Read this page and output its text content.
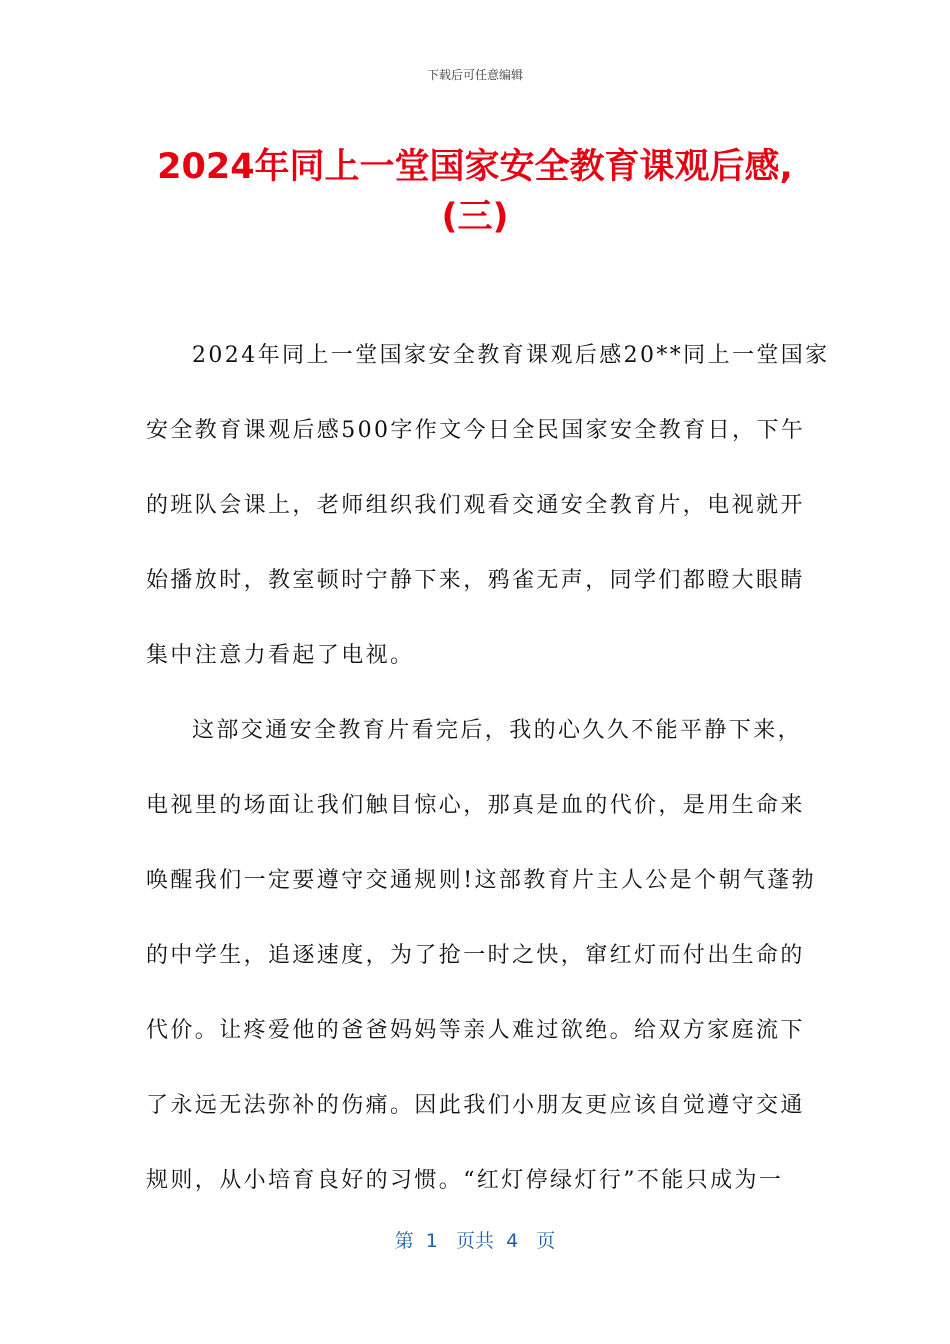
下载后可任意编辑
2024年同上一堂国家安全教育课观后感,
(三)
2024年同上一堂国家安全教育课观后感20**同上一堂国家
安全教育课观后感500字作文今日全民国家安全教育日，下午
的班队会课上，老师组织我们观看交通安全教育片，电视就开
始播放时，教室顿时宁静下来，鸦雀无声，同学们都瞪大眼睛
集中注意力看起了电视。
这部交通安全教育片看完后，我的心久久不能平静下来，
电视里的场面让我们触目惊心，那真是血的代价，是用生命来
唤醒我们一定要遵守交通规则!这部教育片主人公是个朝气蓬勃
的中学生，追逐速度，为了抢一时之快，窜红灯而付出生命的
代价。让疼爱他的爸爸妈妈等亲人难过欲绝。给双方家庭流下
了永远无法弥补的伤痛。因此我们小朋友更应该自觉遵守交通
规则，从小培育良好的习惯。“红灯停绿灯行”不能只成为一
第  1   页共  4   页
